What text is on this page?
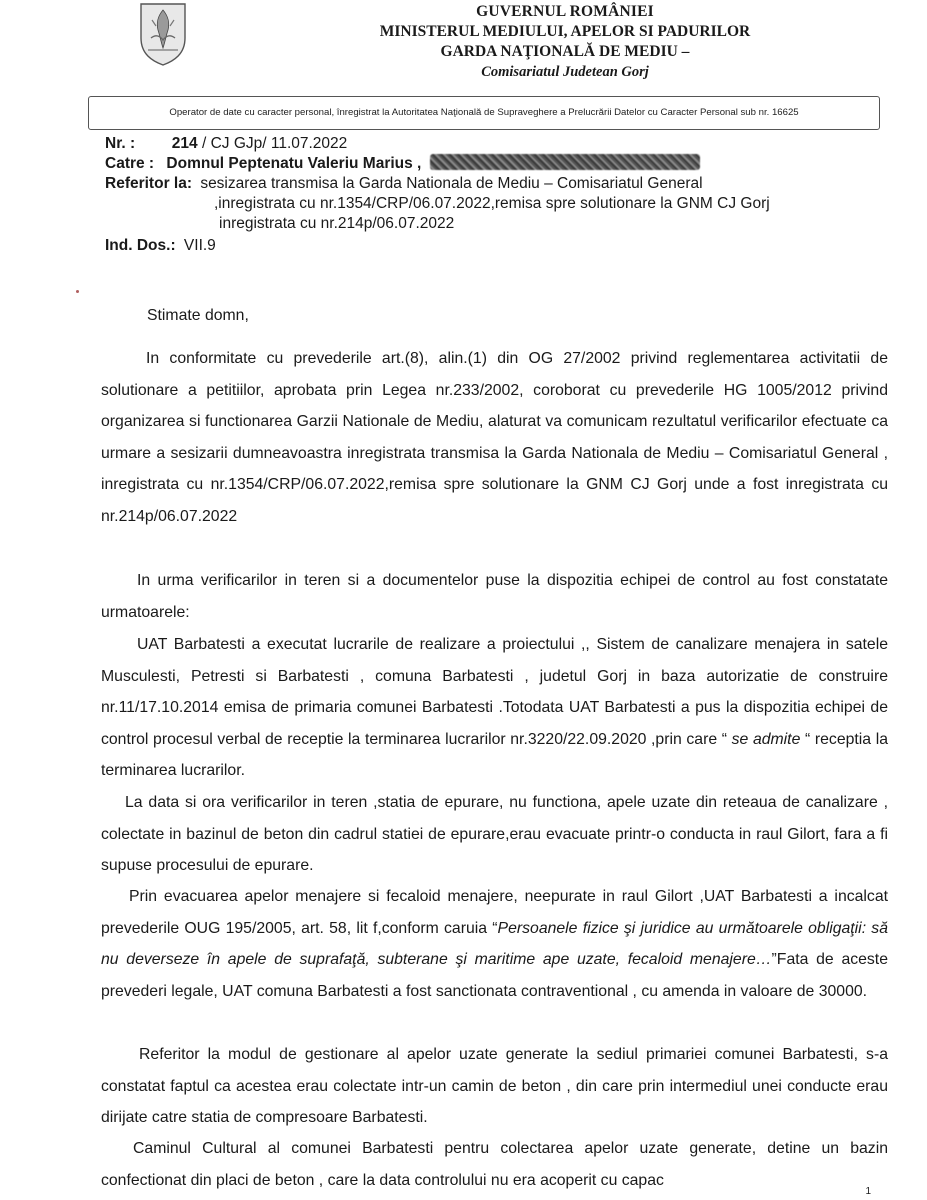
GUVERNUL ROMÂNIEI
MINISTERUL MEDIULUI, APELOR SI PADURILOR
GARDA NAŢIONALĂ DE MEDIU –
Comisariatul Judetean Gorj
Operator de date cu caracter personal, înregistrat la Autoritatea Naţională de Supraveghere a Prelucrării Datelor cu Caracter Personal sub nr. 16625
Nr. : 214 / CJ GJp/ 11.07.2022
Catre : Domnul Peptenatu Valeriu Marius ,
Referitor la: sesizarea transmisa la Garda Nationala de Mediu – Comisariatul General
,inregistrata cu nr.1354/CRP/06.07.2022,remisa spre solutionare la GNM CJ Gorj
inregistrata cu nr.214p/06.07.2022
Ind. Dos.: VII.9
Stimate domn,
In conformitate cu prevederile art.(8), alin.(1) din OG 27/2002 privind reglementarea activitatii de solutionare a petitiilor, aprobata prin Legea nr.233/2002, coroborat cu prevederile HG 1005/2012 privind organizarea si functionarea Garzii Nationale de Mediu, alaturat va comunicam rezultatul verificarilor efectuate ca urmare a sesizarii dumneavoastra inregistrata transmisa la Garda Nationala de Mediu – Comisariatul General , inregistrata cu nr.1354/CRP/06.07.2022,remisa spre solutionare la GNM CJ Gorj unde a fost inregistrata cu nr.214p/06.07.2022
In urma verificarilor in teren si a documentelor puse la dispozitia echipei de control au fost constatate urmatoarele:
UAT Barbatesti a executat lucrarile de realizare a proiectului ,, Sistem de canalizare menajera in satele Musculesti, Petresti si Barbatesti , comuna Barbatesti , judetul Gorj in baza autorizatie de construire nr.11/17.10.2014 emisa de primaria comunei Barbatesti .Totodata UAT Barbatesti a pus la dispozitia echipei de control procesul verbal de receptie la terminarea lucrarilor nr.3220/22.09.2020 ,prin care “ se admite “ receptia la terminarea lucrarilor.
La data si ora verificarilor in teren ,statia de epurare, nu functiona, apele uzate din reteaua de canalizare , colectate in bazinul de beton din cadrul statiei de epurare,erau evacuate printr-o conducta in raul Gilort, fara a fi supuse procesului de epurare.
Prin evacuarea apelor menajere si fecaloid menajere, neepurate in raul Gilort ,UAT Barbatesti a incalcat prevederile OUG 195/2005, art. 58, lit f,conform caruia “Persoanele fizice şi juridice au următoarele obligaţii: să nu deverseze în apele de suprafaţă, subterane şi maritime ape uzate, fecaloid menajere…”Fata de aceste prevederi legale, UAT comuna Barbatesti a fost sanctionata contraventional , cu amenda in valoare de 30000.
Referitor la modul de gestionare al apelor uzate generate la sediul primariei comunei Barbatesti, s-a constatat faptul ca acestea erau colectate intr-un camin de beton , din care prin intermediul unei conducte erau dirijate catre statia de compresoare Barbatesti.
Caminul Cultural al comunei Barbatesti pentru colectarea apelor uzate generate, detine un bazin confectionat din placi de beton , care la data controlului nu era acoperit cu capac
1
